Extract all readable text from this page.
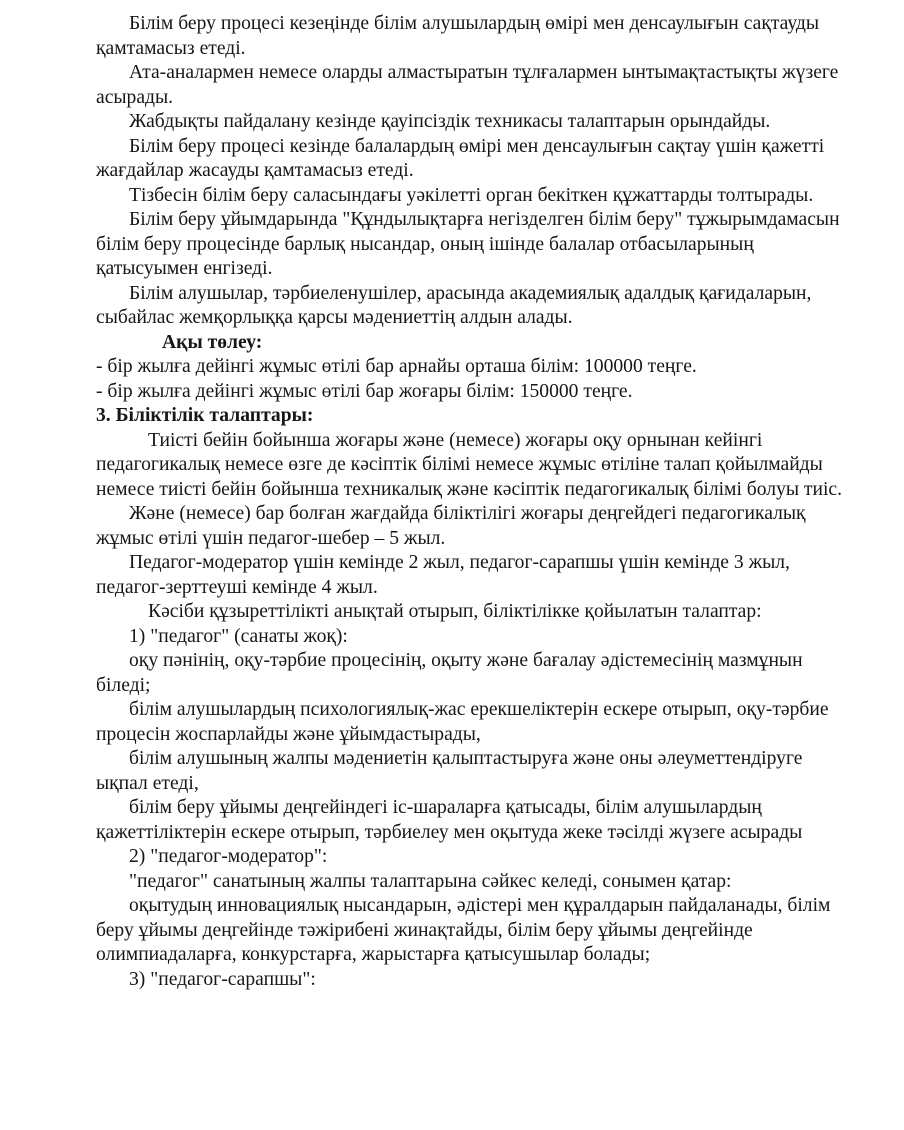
Білім беру процесі кезеңінде білім алушылардың өмірі мен денсаулығын сақтауды қамтамасыз етеді.

Ата-аналармен немесе оларды алмастыратын тұлғалармен ынтымақтастықты жүзеге асырады.

Жабдықты пайдалану кезінде қауіпсіздік техникасы талаптарын орындайды.

Білім беру процесі кезінде балалардың өмірі мен денсаулығын сақтау үшін қажетті жағдайлар жасауды қамтамасыз етеді.

Тізбесін білім беру саласындағы уәкілетті орган бекіткен құжаттарды толтырады.

Білім беру ұйымдарында "Құндылықтарға негізделген білім беру" тұжырымдамасын білім беру процесінде барлық нысандар, оның ішінде балалар отбасыларының қатысуымен енгізеді.

Білім алушылар, тәрбиеленушілер, арасында академиялық адалдық қағидаларын, сыбайлас жемқорлыққа қарсы мәдениеттің алдын алады.

Ақы төлеу:

- бір жылға дейінгі жұмыс өтілі бар арнайы орташа білім: 100000 теңге.

- бір жылға дейінгі жұмыс өтілі бар жоғары білім: 150000 теңге.

3. Біліктілік талаптары:

Тиісті бейін бойынша жоғары және (немесе) жоғары оқу орнынан кейінгі педагогикалық немесе өзге де кәсіптік білімі немесе жұмыс өтіліне талап қойылмайды немесе тиісті бейін бойынша техникалық және кәсіптік педагогикалық білімі болуы тиіс.

Және (немесе) бар болған жағдайда біліктілігі жоғары деңгейдегі педагогикалық жұмыс өтілі үшін педагог-шебер – 5 жыл.

Педагог-модератор үшін кемінде 2 жыл, педагог-сарапшы үшін кемінде 3 жыл, педагог-зерттеуші кемінде 4 жыл.

Кәсіби құзыреттілікті анықтай отырып, біліктілікке қойылатын талаптар:

1) "педагог" (санаты жоқ):

оқу пәнінің, оқу-тәрбие процесінің, оқыту және бағалау әдістемесінің мазмұнын біледі;

білім алушылардың психологиялық-жас ерекшеліктерін ескере отырып, оқу-тәрбие процесін жоспарлайды және ұйымдастырады,

білім алушының жалпы мәдениетін қалыптастыруға және оны әлеуметтендіруге ықпал етеді,

білім беру ұйымы деңгейіндегі іс-шараларға қатысады, білім алушылардың қажеттіліктерін ескере отырып, тәрбиелеу мен оқытуда жеке тәсілді жүзеге асырады

2) "педагог-модератор":

"педагог" санатының жалпы талаптарына сәйкес келеді, сонымен қатар:

оқытудың инновациялық нысандарын, әдістері мен құралдарын пайдаланады, білім беру ұйымы деңгейінде тәжірибені жинақтайды, білім беру ұйымы деңгейінде олимпиадаларға, конкурстарға, жарыстарға қатысушылар болады;

3) "педагог-сарапшы":
